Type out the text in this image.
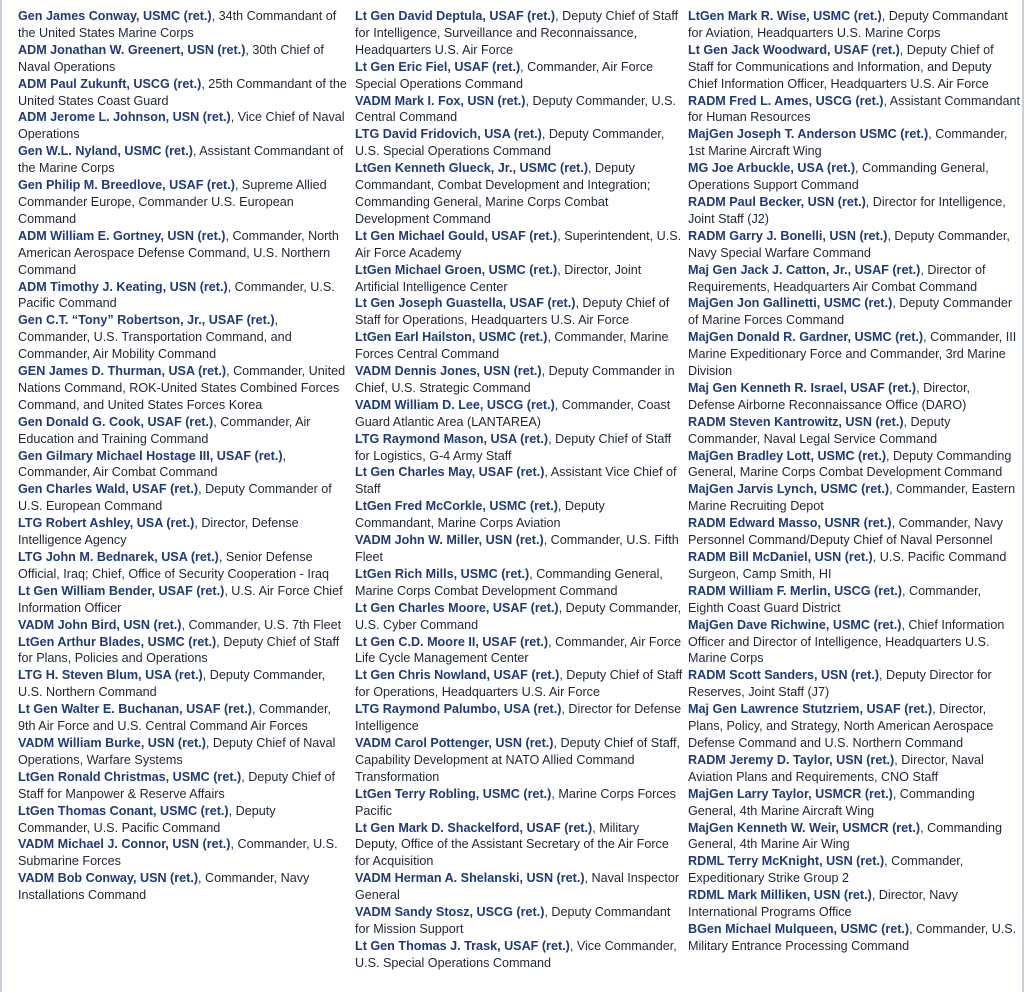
Gen James Conway, USMC (ret.), 34th Commandant of the United States Marine Corps

ADM Jonathan W. Greenert, USN (ret.), 30th Chief of Naval Operations

ADM Paul Zukunft, USCG (ret.), 25th Commandant of the United States Coast Guard

ADM Jerome L. Johnson, USN (ret.), Vice Chief of Naval Operations

Gen W.L. Nyland, USMC (ret.), Assistant Commandant of the Marine Corps

Gen Philip M. Breedlove, USAF (ret.), Supreme Allied Commander Europe, Commander U.S. European Command

ADM William E. Gortney, USN (ret.), Commander, North American Aerospace Defense Command, U.S. Northern Command

ADM Timothy J. Keating, USN (ret.), Commander, U.S. Pacific Command

Gen C.T. “Tony” Robertson, Jr., USAF (ret.), Commander, U.S. Transportation Command, and Commander, Air Mobility Command

GEN James D. Thurman, USA (ret.), Commander, United Nations Command, ROK-United States Combined Forces Command, and United States Forces Korea

Gen Donald G. Cook, USAF (ret.), Commander, Air Education and Training Command

Gen Gilmary Michael Hostage III, USAF (ret.), Commander, Air Combat Command

Gen Charles Wald, USAF (ret.), Deputy Commander of U.S. European Command

LTG Robert Ashley, USA (ret.), Director, Defense Intelligence Agency

LTG John M. Bednarek, USA (ret.), Senior Defense Official, Iraq; Chief, Office of Security Cooperation - Iraq

Lt Gen William Bender, USAF (ret.), U.S. Air Force Chief Information Officer

VADM John Bird, USN (ret.), Commander, U.S. 7th Fleet

LtGen Arthur Blades, USMC (ret.), Deputy Chief of Staff for Plans, Policies and Operations

LTG H. Steven Blum, USA (ret.), Deputy Commander, U.S. Northern Command

Lt Gen Walter E. Buchanan, USAF (ret.), Commander, 9th Air Force and U.S. Central Command Air Forces

VADM William Burke, USN (ret.), Deputy Chief of Naval Operations, Warfare Systems

LtGen Ronald Christmas, USMC (ret.), Deputy Chief of Staff for Manpower & Reserve Affairs

LtGen Thomas Conant, USMC (ret.), Deputy Commander, U.S. Pacific Command

VADM Michael J. Connor, USN (ret.), Commander, U.S. Submarine Forces

VADM Bob Conway, USN (ret.), Commander, Navy Installations Command

Lt Gen David Deptula, USAF (ret.), Deputy Chief of Staff for Intelligence, Surveillance and Reconnaissance, Headquarters U.S. Air Force

Lt Gen Eric Fiel, USAF (ret.), Commander, Air Force Special Operations Command

VADM Mark I. Fox, USN (ret.), Deputy Commander, U.S. Central Command

LTG David Fridovich, USA (ret.), Deputy Commander, U.S. Special Operations Command

LtGen Kenneth Glueck, Jr., USMC (ret.), Deputy Commandant, Combat Development and Integration; Commanding General, Marine Corps Combat Development Command

Lt Gen Michael Gould, USAF (ret.), Superintendent, U.S. Air Force Academy

LtGen Michael Groen, USMC (ret.), Director, Joint Artificial Intelligence Center

Lt Gen Joseph Guastella, USAF (ret.), Deputy Chief of Staff for Operations, Headquarters U.S. Air Force

LtGen Earl Hailston, USMC (ret.), Commander, Marine Forces Central Command

VADM Dennis Jones, USN (ret.), Deputy Commander in Chief, U.S. Strategic Command

VADM William D. Lee, USCG (ret.), Commander, Coast Guard Atlantic Area (LANTAREA)

LTG Raymond Mason, USA (ret.), Deputy Chief of Staff for Logistics, G-4 Army Staff

Lt Gen Charles May, USAF (ret.), Assistant Vice Chief of Staff

LtGen Fred McCorkle, USMC (ret.), Deputy Commandant, Marine Corps Aviation

VADM John W. Miller, USN (ret.), Commander, U.S. Fifth Fleet

LtGen Rich Mills, USMC (ret.), Commanding General, Marine Corps Combat Development Command

Lt Gen Charles Moore, USAF (ret.), Deputy Commander, U.S. Cyber Command

Lt Gen C.D. Moore II, USAF (ret.), Commander, Air Force Life Cycle Management Center

Lt Gen Chris Nowland, USAF (ret.), Deputy Chief of Staff for Operations, Headquarters U.S. Air Force

LTG Raymond Palumbo, USA (ret.), Director for Defense Intelligence

VADM Carol Pottenger, USN (ret.), Deputy Chief of Staff, Capability Development at NATO Allied Command Transformation

LtGen Terry Robling, USMC (ret.), Marine Corps Forces Pacific

Lt Gen Mark D. Shackelford, USAF (ret.), Military Deputy, Office of the Assistant Secretary of the Air Force for Acquisition

VADM Herman A. Shelanski, USN (ret.), Naval Inspector General

VADM Sandy Stosz, USCG (ret.), Deputy Commandant for Mission Support

Lt Gen Thomas J. Trask, USAF (ret.), Vice Commander, U.S. Special Operations Command

LtGen Mark R. Wise, USMC (ret.), Deputy Commandant for Aviation, Headquarters U.S. Marine Corps

Lt Gen Jack Woodward, USAF (ret.), Deputy Chief of Staff for Communications and Information, and Deputy Chief Information Officer, Headquarters U.S. Air Force

RADM Fred L. Ames, USCG (ret.), Assistant Commandant for Human Resources

MajGen Joseph T. Anderson USMC (ret.), Commander, 1st Marine Aircraft Wing

MG Joe Arbuckle, USA (ret.), Commanding General, Operations Support Command

RADM Paul Becker, USN (ret.), Director for Intelligence, Joint Staff (J2)

RADM Garry J. Bonelli, USN (ret.), Deputy Commander, Navy Special Warfare Command

Maj Gen Jack J. Catton, Jr., USAF (ret.), Director of Requirements, Headquarters Air Combat Command

MajGen Jon Gallinetti, USMC (ret.), Deputy Commander of Marine Forces Command

MajGen Donald R. Gardner, USMC (ret.), Commander, III Marine Expeditionary Force and Commander, 3rd Marine Division

Maj Gen Kenneth R. Israel, USAF (ret.), Director, Defense Airborne Reconnaissance Office (DARO)

RADM Steven Kantrowitz, USN (ret.), Deputy Commander, Naval Legal Service Command

MajGen Bradley Lott, USMC (ret.), Deputy Commanding General, Marine Corps Combat Development Command

MajGen Jarvis Lynch, USMC (ret.), Commander, Eastern Marine Recruiting Depot

RADM Edward Masso, USNR (ret.), Commander, Navy Personnel Command/Deputy Chief of Naval Personnel

RADM Bill McDaniel, USN (ret.), U.S. Pacific Command Surgeon, Camp Smith, HI

RADM William F. Merlin, USCG (ret.), Commander, Eighth Coast Guard District

MajGen Dave Richwine, USMC (ret.), Chief Information Officer and Director of Intelligence, Headquarters U.S. Marine Corps

RADM Scott Sanders, USN (ret.), Deputy Director for Reserves, Joint Staff (J7)

Maj Gen Lawrence Stutzriem, USAF (ret.), Director, Plans, Policy, and Strategy, North American Aerospace Defense Command and U.S. Northern Command

RADM Jeremy D. Taylor, USN (ret.), Director, Naval Aviation Plans and Requirements, CNO Staff

MajGen Larry Taylor, USMCR (ret.), Commanding General, 4th Marine Aircraft Wing

MajGen Kenneth W. Weir, USMCR (ret.), Commanding General, 4th Marine Air Wing

RDML Terry McKnight, USN (ret.), Commander, Expeditionary Strike Group 2

RDML Mark Milliken, USN (ret.), Director, Navy International Programs Office

BGen Michael Mulqueen, USMC (ret.), Commander, U.S. Military Entrance Processing Command
